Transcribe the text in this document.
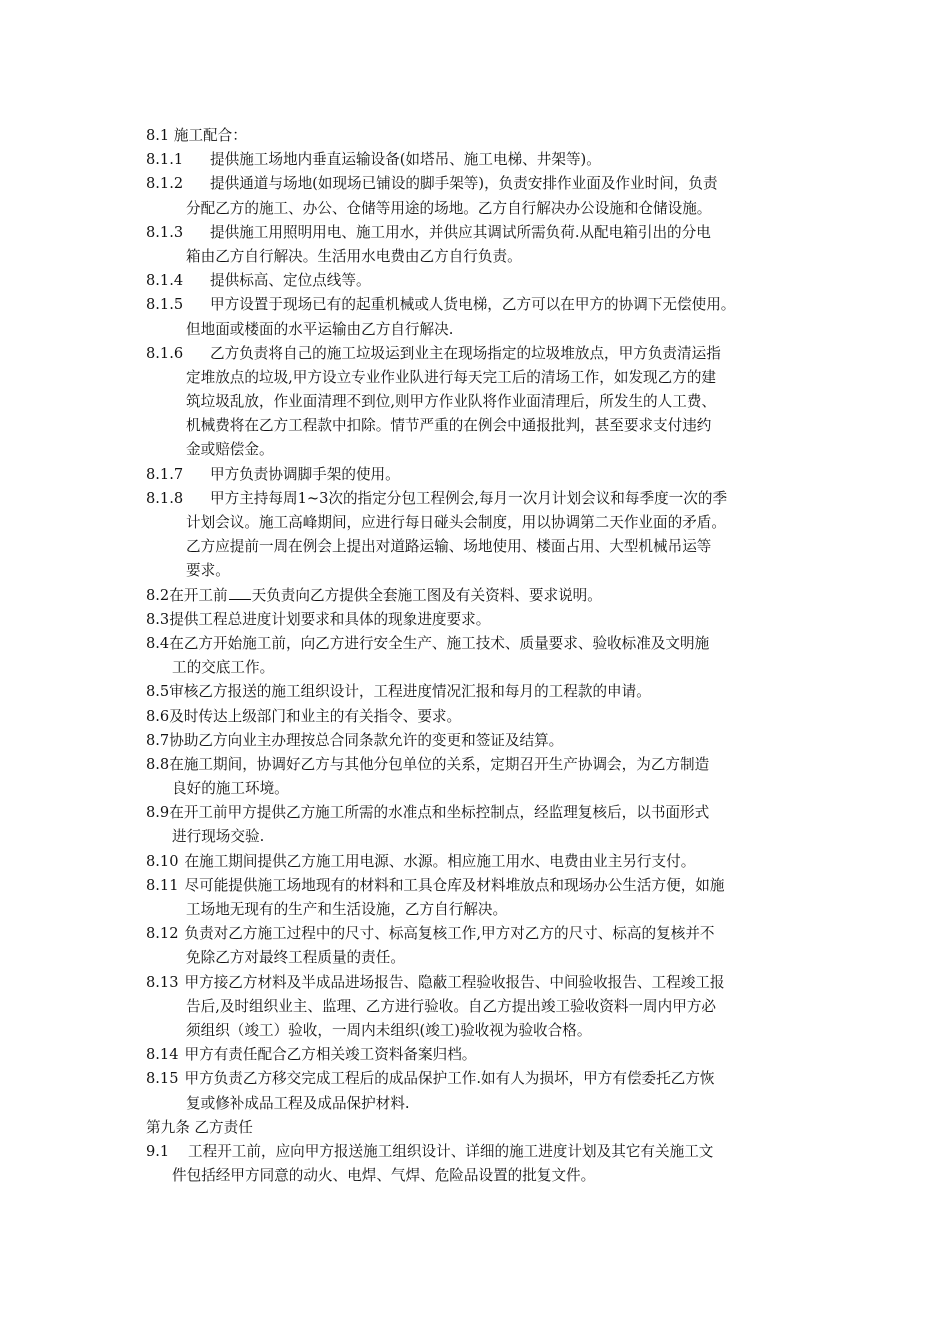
8.1 施工配合：
8.1.1 提供施工场地内垂直运输设备(如塔吊、施工电梯、井架等)。
8.1.2 提供通道与场地(如现场已铺设的脚手架等)，负责安排作业面及作业时间，负责
分配乙方的施工、办公、仓储等用途的场地。乙方自行解决办公设施和仓储设施。
8.1.3 提供施工用照明用电、施工用水，并供应其调试所需负荷.从配电箱引出的分电
箱由乙方自行解决。生活用水电费由乙方自行负责。
8.1.4 提供标高、定位点线等。
8.1.5 甲方设置于现场已有的起重机械或人货电梯，乙方可以在甲方的协调下无偿使用。
但地面或楼面的水平运输由乙方自行解决.
8.1.6 乙方负责将自己的施工垃圾运到业主在现场指定的垃圾堆放点，甲方负责清运指
定堆放点的垃圾,甲方设立专业作业队进行每天完工后的清场工作，如发现乙方的建
筑垃圾乱放，作业面清理不到位,则甲方作业队将作业面清理后，所发生的人工费、
机械费将在乙方工程款中扣除。情节严重的在例会中通报批判，甚至要求支付违约
金或赔偿金。
8.1.7 甲方负责协调脚手架的使用。
8.1.8 甲方主持每周1~3次的指定分包工程例会,每月一次月计划会议和每季度一次的季
计划会议。施工高峰期间，应进行每日碰头会制度，用以协调第二天作业面的矛盾。
乙方应提前一周在例会上提出对道路运输、场地使用、楼面占用、大型机械吊运等
要求。
8.2在开工前 天负责向乙方提供全套施工图及有关资料、要求说明。
8.3提供工程总进度计划要求和具体的现象进度要求。
8.4在乙方开始施工前，向乙方进行安全生产、施工技术、质量要求、验收标准及文明施
工的交底工作。
8.5审核乙方报送的施工组织设计，工程进度情况汇报和每月的工程款的申请。
8.6及时传达上级部门和业主的有关指令、要求。
8.7协助乙方向业主办理按总合同条款允许的变更和签证及结算。
8.8在施工期间，协调好乙方与其他分包单位的关系，定期召开生产协调会，为乙方制造
良好的施工环境。
8.9在开工前甲方提供乙方施工所需的水准点和坐标控制点，经监理复核后，以书面形式
进行现场交验.
8.10 在施工期间提供乙方施工用电源、水源。相应施工用水、电费由业主另行支付。
8.11 尽可能提供施工场地现有的材料和工具仓库及材料堆放点和现场办公生活方便，如施
工场地无现有的生产和生活设施，乙方自行解决。
8.12 负责对乙方施工过程中的尺寸、标高复核工作,甲方对乙方的尺寸、标高的复核并不
免除乙方对最终工程质量的责任。
8.13 甲方接乙方材料及半成品进场报告、隐蔽工程验收报告、中间验收报告、工程竣工报
告后,及时组织业主、监理、乙方进行验收。自乙方提出竣工验收资料一周内甲方必
须组织（竣工）验收，一周内未组织(竣工)验收视为验收合格。
8.14 甲方有责任配合乙方相关竣工资料备案归档。
8.15 甲方负责乙方移交完成工程后的成品保护工作.如有人为损坏，甲方有偿委托乙方恢
复或修补成品工程及成品保护材料.
第九条 乙方责任
9.1 工程开工前，应向甲方报送施工组织设计、详细的施工进度计划及其它有关施工文
件包括经甲方同意的动火、电焊、气焊、危险品设置的批复文件。
